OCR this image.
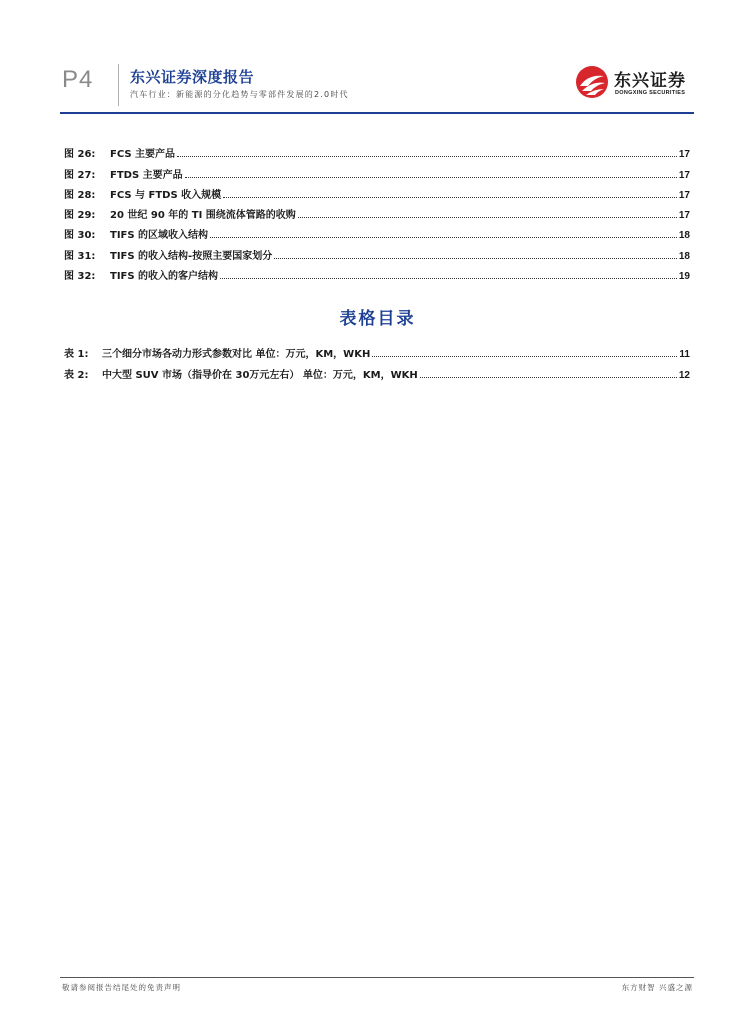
P4 东兴证券深度报告
汽车行业：新能源的分化趋势与零部件发展的2.0时代
东兴证券
DONGXING SECURITIES
图 26:	FCS 主要产品	17
图 27:	FTDS 主要产品	17
图 28:	FCS 与 FTDS 收入规模	17
图 29:	20 世纪 90 年的 TI 围绕流体管路的收购	17
图 30:	TIFS 的区域收入结构	18
图 31:	TIFS 的收入结构-按照主要国家划分	18
图 32:	TIFS 的收入的客户结构	19
表格目录
表 1:	三个细分市场各动力形式参数对比 单位：万元，KM，WKH	11
表 2:	中大型 SUV 市场（指导价在 30万元左右） 单位：万元，KM，WKH	12
敬请参阅报告结尾处的免责声明	东方财智 兴盛之源
